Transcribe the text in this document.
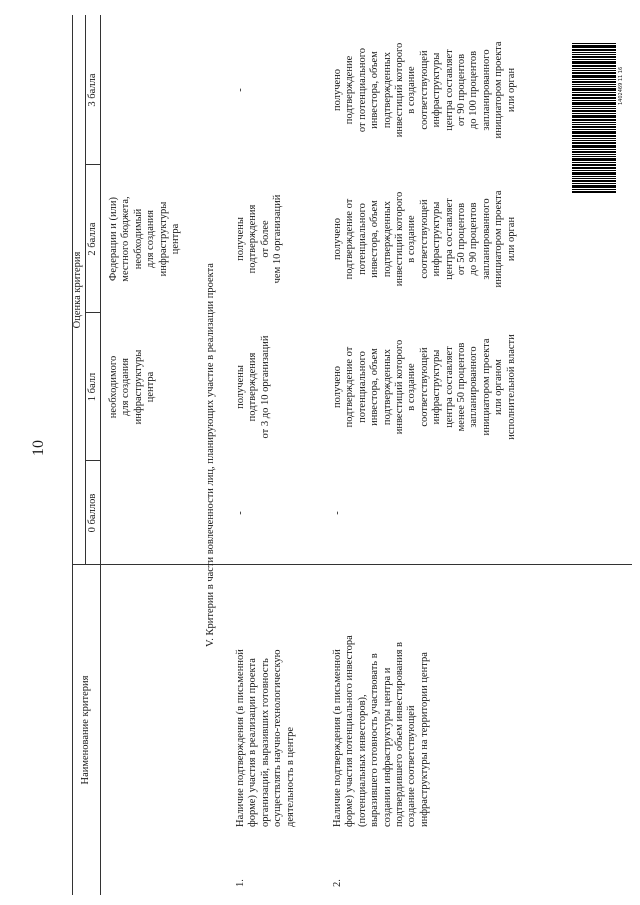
10
Наименование критерия
Оценка критерия
0 баллов
1 балл
2 балла
3 балла
необходимого
для создания
инфраструктуры
центра
Федерации и (или)
местного бюджета,
необходимый
для создания
инфраструктуры
центра
V. Критерии в части вовлеченности лиц, планирующих участие в реализации проекта
1.
Наличие подтверждения (в письменной
форме) участия в реализации проекта
организаций, выразивших готовность
осуществлять научно-технологическую
деятельность в центре
-
получены
подтверждения
от 3 до 10 организаций
получены
подтверждения
от более
чем 10 организаций
-
2.
Наличие подтверждения (в письменной
форме) участия потенциального инвестора
(потенциальных инвесторов),
выразившего готовность участвовать в
создании инфраструктуры центра и
подтвердившего объем инвестирования в
создание соответствующей
инфраструктуры на территории центра
-
получено
подтверждение от
потенциального
инвестора, объем
подтвержденных
инвестиций которого
в создание
соответствующей
инфраструктуры
центра составляет
менее 50 процентов
запланированного
инициатором проекта
или органом
исполнительной власти
получено
подтверждение от
потенциального
инвестора, объем
подтвержденных
инвестиций которого
в создание
соответствующей
инфраструктуры
центра составляет
от 50 процентов
до 90 процентов
запланированного
инициатором проекта
или орган
получено
подтверждение
от потенциального
инвестора, объем
подтвержденных
инвестиций которого
в создание
соответствующей
инфраструктуры
центра составляет
от 90 процентов
до 100 процентов
запланированного
инициатором проекта
или орган	1402469 11 16
